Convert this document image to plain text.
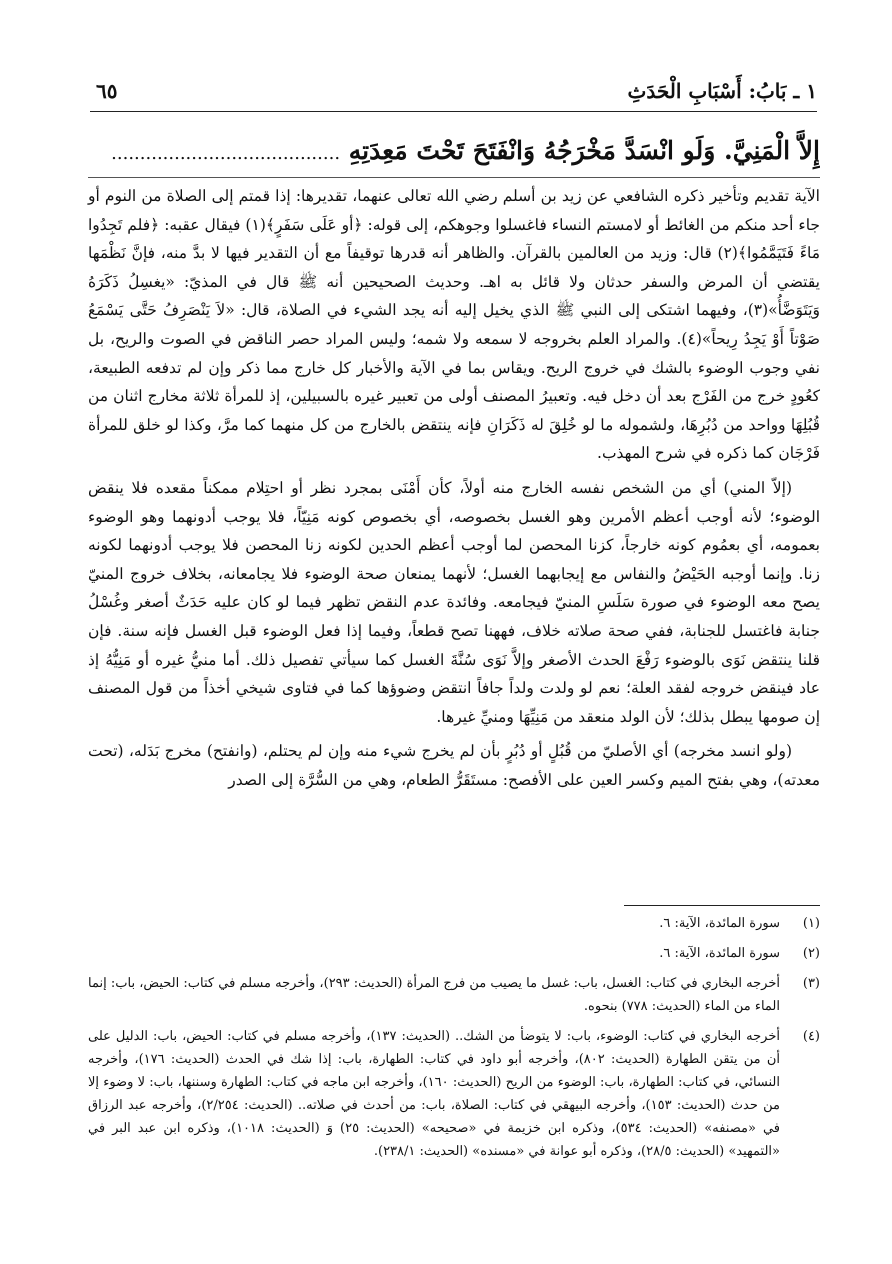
١ ـ بَابُ: أَسْبَابِ الْحَدَثِ
٦٥
إِلاَّ الْمَنِيَّ. وَلَو انْسَدَّ مَخْرَجُهُ وَانْفَتَحَ تَحْتَ مَعِدَتِهِ ........................................

الآية تقديم وتأخير ذكره الشافعي عن زيد بن أسلم رضي الله تعالى عنهما، تقديرها: إذا قمتم إلى الصلاة من النوم أو جاء أحد منكم من الغائط أو لامستم النساء فاغسلوا وجوهكم، إلى قوله: ﴿أو عَلَى سَفَرٍ﴾(١) فيقال عقبه: ﴿فلم تَجِدُوا مَاءً فَتَيَمَّمُوا﴾(٢) قال: وزيد من العالمين بالقرآن. والظاهر أنه قدرها توقيفاً مع أن التقدير فيها لا بدَّ منه، فإنَّ نَظْمَها يقتضي أن المرض والسفر حدثان ولا قائل به اهـ. وحديث الصحيحين أنه ﷺ قال في المذيّ: «يغسِلُ ذَكَرَهُ وَيَتَوَضَّأُ»(٣)، وفيهما اشتكى إلى النبي ﷺ الذي يخيل إليه أنه يجد الشيء في الصلاة، قال: «لاَ يَنْصَرِفُ حَتَّى يَسْمَعُ صَوْتاً أَوْ يَجِدُ رِيحاً»(٤). والمراد العلم بخروجه لا سمعه ولا شمه؛ وليس المراد حصر الناقض في الصوت والريح، بل نفي وجوب الوضوء بالشك في خروج الريح. ويقاس بما في الآية والأخبار كل خارج مما ذكر وإن لم تدفعه الطبيعة، كعُودٍ خرج من الفَرْج بعد أن دخل فيه. وتعبيرُ المصنف أولى من تعبير غيره بالسبيلين، إذ للمرأة ثلاثة مخارج اثنان من قُبُلِهَا وواحد من دُبُرِهَا، ولشموله ما لو خُلِقَ له ذَكَرَانِ فإنه ينتقض بالخارج من كل منهما كما مرَّ، وكذا لو خلق للمرأة فَرْجَان كما ذكره في شرح المهذب.

(إلاّ المني) أي من الشخص نفسه الخارج منه أولاً، كأن أَمْنَى بمجرد نظر أو احتِلام ممكناً مقعده فلا ينقض الوضوء؛ لأنه أوجب أعظم الأمرين وهو الغسل بخصوصه، أي بخصوص كونه مَنِيّاً، فلا يوجب أدونهما وهو الوضوء بعمومه، أي بعمُوم كونه خارجاً، كزنا المحصن لما أوجب أعظم الحدين لكونه زنا المحصن فلا يوجب أدونهما لكونه زنا. وإنما أوجبه الحَيْضُ والنفاس مع إيجابهما الغسل؛ لأنهما يمنعان صحة الوضوء فلا يجامعانه، بخلاف خروج المنيّ يصح معه الوضوء في صورة سَلَسِ المنيّ فيجامعه. وفائدة عدم النقض تظهر فيما لو كان عليه حَدَثٌ أصغر وغُسْلُ جنابة فاغتسل للجنابة، ففي صحة صلاته خلاف، فههنا تصح قطعاً، وفيما إذا فعل الوضوء قبل الغسل فإنه سنة. فإن قلنا ينتقض نَوَى بالوضوء رَفْعَ الحدث الأصغر وإلاَّ نَوَى سُنَّةَ الغسل كما سيأتي تفصيل ذلك. أما منيُّ غيره أو مَنِيُّهُ إذ عاد فينقض خروجه لفقد العلة؛ نعم لو ولدت ولداً جافاً انتقض وضوؤها كما في فتاوى شيخي أخذاً من قول المصنف إن صومها يبطل بذلك؛ لأن الولد منعقد من مَنِيِّهَا ومنيِّ غيرها.

(ولو انسد مخرجه) أي الأصليّ من قُبُلٍ أو دُبُرٍ بأن لم يخرج شيء منه وإن لم يحتلم، (وانفتح) مخرج بَدَله، (تحت معدته)، وهي بفتح الميم وكسر العين على الأفصح: مستَقَرُّ الطعام، وهي من السُّرَّة إلى الصدر

(١)
سورة المائدة، الآية: ٦.
(٢)
سورة المائدة، الآية: ٦.
(٣)
أخرجه البخاري في كتاب: الغسل، باب: غسل ما يصيب من فرج المرأة (الحديث: ٢٩٣)، وأخرجه مسلم في كتاب: الحيض، باب: إنما الماء من الماء (الحديث: ٧٧٨) بنحوه.
(٤)
أخرجه البخاري في كتاب: الوضوء، باب: لا يتوضأ من الشك.. (الحديث: ١٣٧)، وأخرجه مسلم في كتاب: الحيض، باب: الدليل على أن من يتقن الطهارة (الحديث: ٨٠٢)، وأخرجه أبو داود في كتاب: الطهارة، باب: إذا شك في الحدث (الحديث: ١٧٦)، وأخرجه النسائي، في كتاب: الطهارة، باب: الوضوء من الريح (الحديث: ١٦٠)، وأخرجه ابن ماجه في كتاب: الطهارة وسننها، باب: لا وضوء إلا من حدث (الحديث: ١٥٣)، وأخرجه البيهقي في كتاب: الصلاة، باب: من أحدث في صلاته.. (الحديث: ٢/٢٥٤)، وأخرجه عبد الرزاق في «مصنفه» (الحديث: ٥٣٤)، وذكره ابن خزيمة في «صحيحه» (الحديث: ٢٥) وَ (الحديث: ١٠١٨)، وذكره ابن عبد البر في «التمهيد» (الحديث: ٢٨/٥)، وذكره أبو عوانة في «مسنده» (الحديث: ٢٣٨/١).
